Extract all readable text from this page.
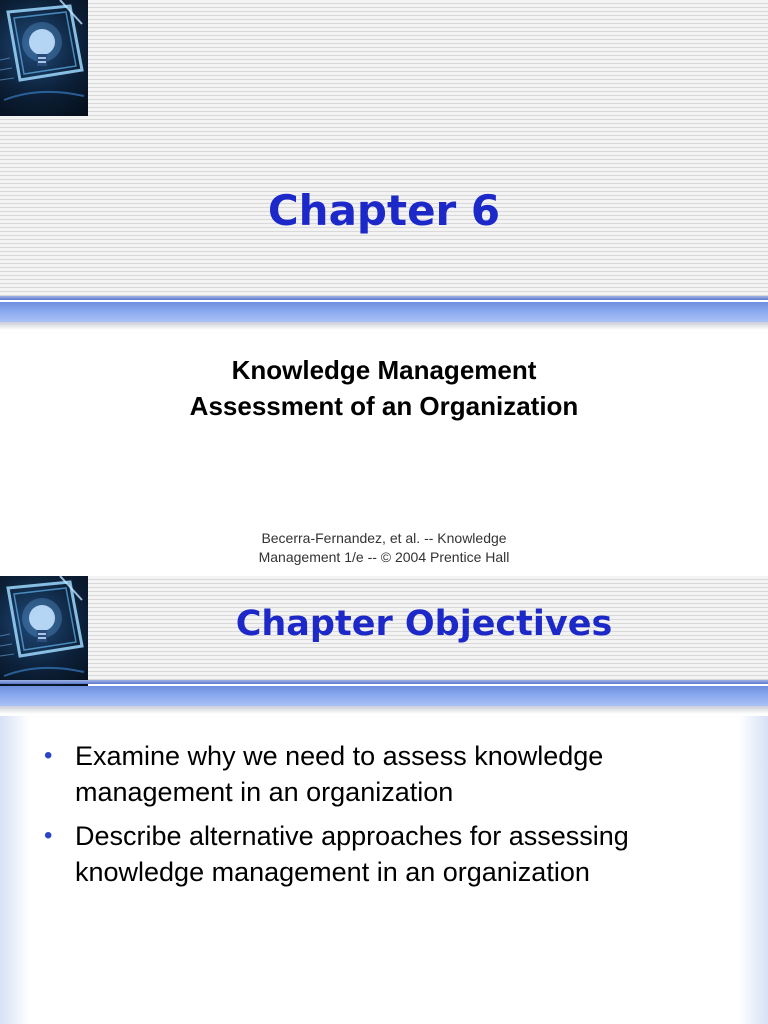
Chapter 6
Knowledge Management
Assessment of an Organization
Becerra-Fernandez, et al. -- Knowledge
Management 1/e -- © 2004 Prentice Hall
Chapter Objectives
• Examine why we need to assess knowledge management in an organization
• Describe alternative approaches for assessing knowledge management in an organization
